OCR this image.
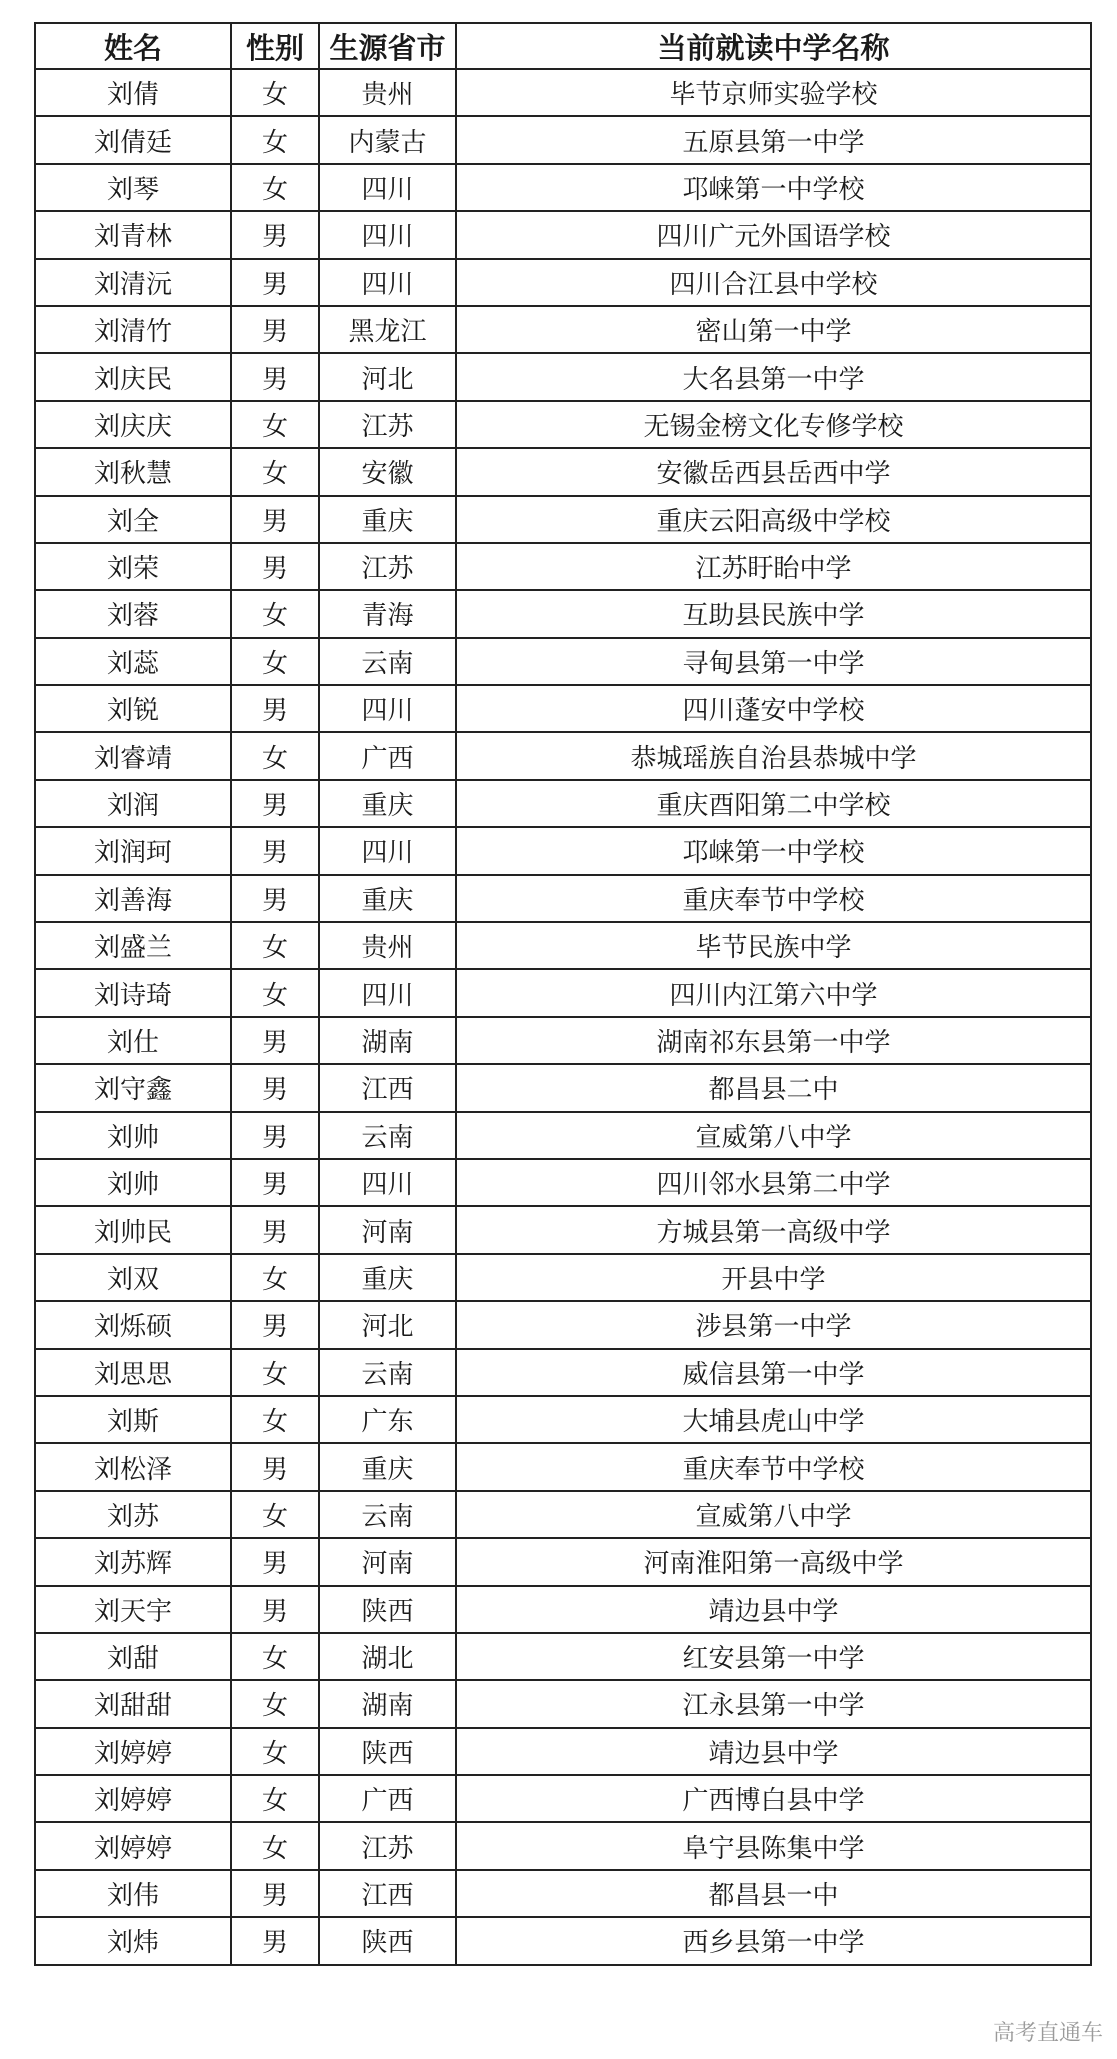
姓名	性别	生源省市	当前就读中学名称
刘倩	女	贵州	毕节京师实验学校
刘倩廷	女	内蒙古	五原县第一中学
刘琴	女	四川	邛崃第一中学校
刘青林	男	四川	四川广元外国语学校
刘清沅	男	四川	四川合江县中学校
刘清竹	男	黑龙江	密山第一中学
刘庆民	男	河北	大名县第一中学
刘庆庆	女	江苏	无锡金榜文化专修学校
刘秋慧	女	安徽	安徽岳西县岳西中学
刘全	男	重庆	重庆云阳高级中学校
刘荣	男	江苏	江苏盱眙中学
刘蓉	女	青海	互助县民族中学
刘蕊	女	云南	寻甸县第一中学
刘锐	男	四川	四川蓬安中学校
刘睿靖	女	广西	恭城瑶族自治县恭城中学
刘润	男	重庆	重庆酉阳第二中学校
刘润珂	男	四川	邛崃第一中学校
刘善海	男	重庆	重庆奉节中学校
刘盛兰	女	贵州	毕节民族中学
刘诗琦	女	四川	四川内江第六中学
刘仕	男	湖南	湖南祁东县第一中学
刘守鑫	男	江西	都昌县二中
刘帅	男	云南	宣威第八中学
刘帅	男	四川	四川邻水县第二中学
刘帅民	男	河南	方城县第一高级中学
刘双	女	重庆	开县中学
刘烁硕	男	河北	涉县第一中学
刘思思	女	云南	威信县第一中学
刘斯	女	广东	大埔县虎山中学
刘松泽	男	重庆	重庆奉节中学校
刘苏	女	云南	宣威第八中学
刘苏辉	男	河南	河南淮阳第一高级中学
刘天宇	男	陕西	靖边县中学
刘甜	女	湖北	红安县第一中学
刘甜甜	女	湖南	江永县第一中学
刘婷婷	女	陕西	靖边县中学
刘婷婷	女	广西	广西博白县中学
刘婷婷	女	江苏	阜宁县陈集中学
刘伟	男	江西	都昌县一中
刘炜	男	陕西	西乡县第一中学
高考直通车
